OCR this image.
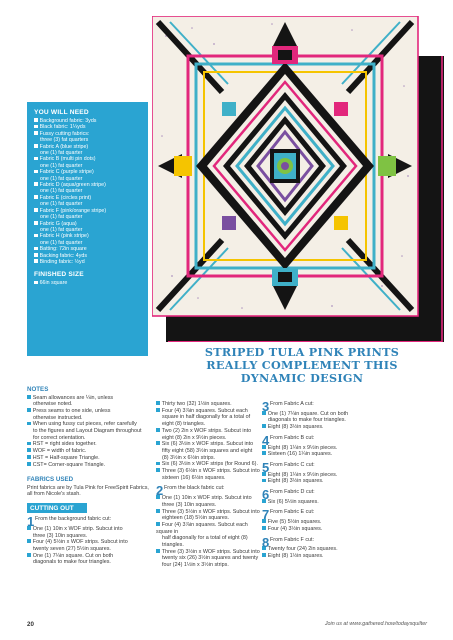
YOU WILL NEED
Background fabric: 3yds
Black fabric: 1¼yds
Fussy cutting fabrics:
three (3) fat quarters
Fabric A (blue stripe)
one (1) fat quarter
Fabric B (multi pin dots)
one (1) fat quarter
Fabric C (purple stripe)
one (1) fat quarter
Fabric D (aqua/green stripe)
one (1) fat quarter
Fabric E (circles print)
one (1) fat quarter
Fabric F (pink/orange stripe)
one (1) fat quarter
Fabric G (aqua)
one (1) fat quarter
Fabric H (pink stripe)
one (1) fat quarter
Batting: 72in square
Backing fabric: 4yds
Binding fabric: ½yd
FINISHED SIZE
66in square
STRIPED TULA PINK PRINTS
REALLY COMPLEMENT THIS
DYNAMIC DESIGN
NOTES
Seam allowances are ¼in, unless
otherwise noted.
Press seams to one side, unless
otherwise instructed.
When using fussy cut pieces, refer carefully
to the figures and Layout Diagram throughout for correct orientation.
RST = right sides together.
WOF = width of fabric.
HST = Half-square Triangle.
CST= Corner-square Triangle.
FABRICS USED
Print fabrics are by Tula Pink for FreeSpirit Fabrics, all from Nicole's stash.
CUTTING OUT
1 From the background fabric cut:
One (1) 10in x WOF strip. Subcut into
three (3) 10in squares.
Four (4) 5½in x WOF strips. Subcut into
twenty seven (27) 5½in squares.
One (1) 7¼in square. Cut on both
diagonals to make four triangles.
Thirty two (32) 1½in squares.
Four (4) 3⅞in squares. Subcut each
square in half diagonally for a total of eight (8) triangles.
Two (2) 2in x WOF strips. Subcut into
eight (8) 2in x 9½in pieces.
Six (6) 3½in x WOF strips. Subcut into
fifty eight (58) 3½in squares and eight (8) 3½in x 6½in strips.
Six (6) 3½in x WOF strips (for Round 6).
Three (3) 6½in x WOF strips. Subcut into
sixteen (16) 6½in squares.
2 From the black fabric cut:
One (1) 10in x WOF strip. Subcut into
three (3) 10in squares.
Three (3) 5½in x WOF strips. Subcut into
eighteen (18) 5½in squares.
Four (4) 3⅞in squares. Subcut each square in
half diagonally for a total of eight (8) triangles.
Three (3) 3½in x WOF strips. Subcut into
twenty six (26) 3½in squares and twenty four (24) 1½in x 3½in strips.
3 From Fabric A cut:
One (1) 7¼in square. Cut on both
diagonals to make four triangles.
Eight (8) 3½in squares.
4 From Fabric B cut:
Eight (8) 1¼in x 9½in pieces.
Sixteen (16) 1¼in squares.
5 From Fabric C cut:
Eight (8) 1¼in x 9½in pieces.
Eight (8) 3½in squares.
6 From Fabric D cut:
Six (6) 5½in squares.
7 From Fabric E cut:
Five (5) 5½in squares.
Four (4) 3½in squares.
8 From Fabric F cut:
Twenty four (24) 2in squares.
Eight (8) 1½in squares.
20	Join us at www.gathered.how/todaysquilter
